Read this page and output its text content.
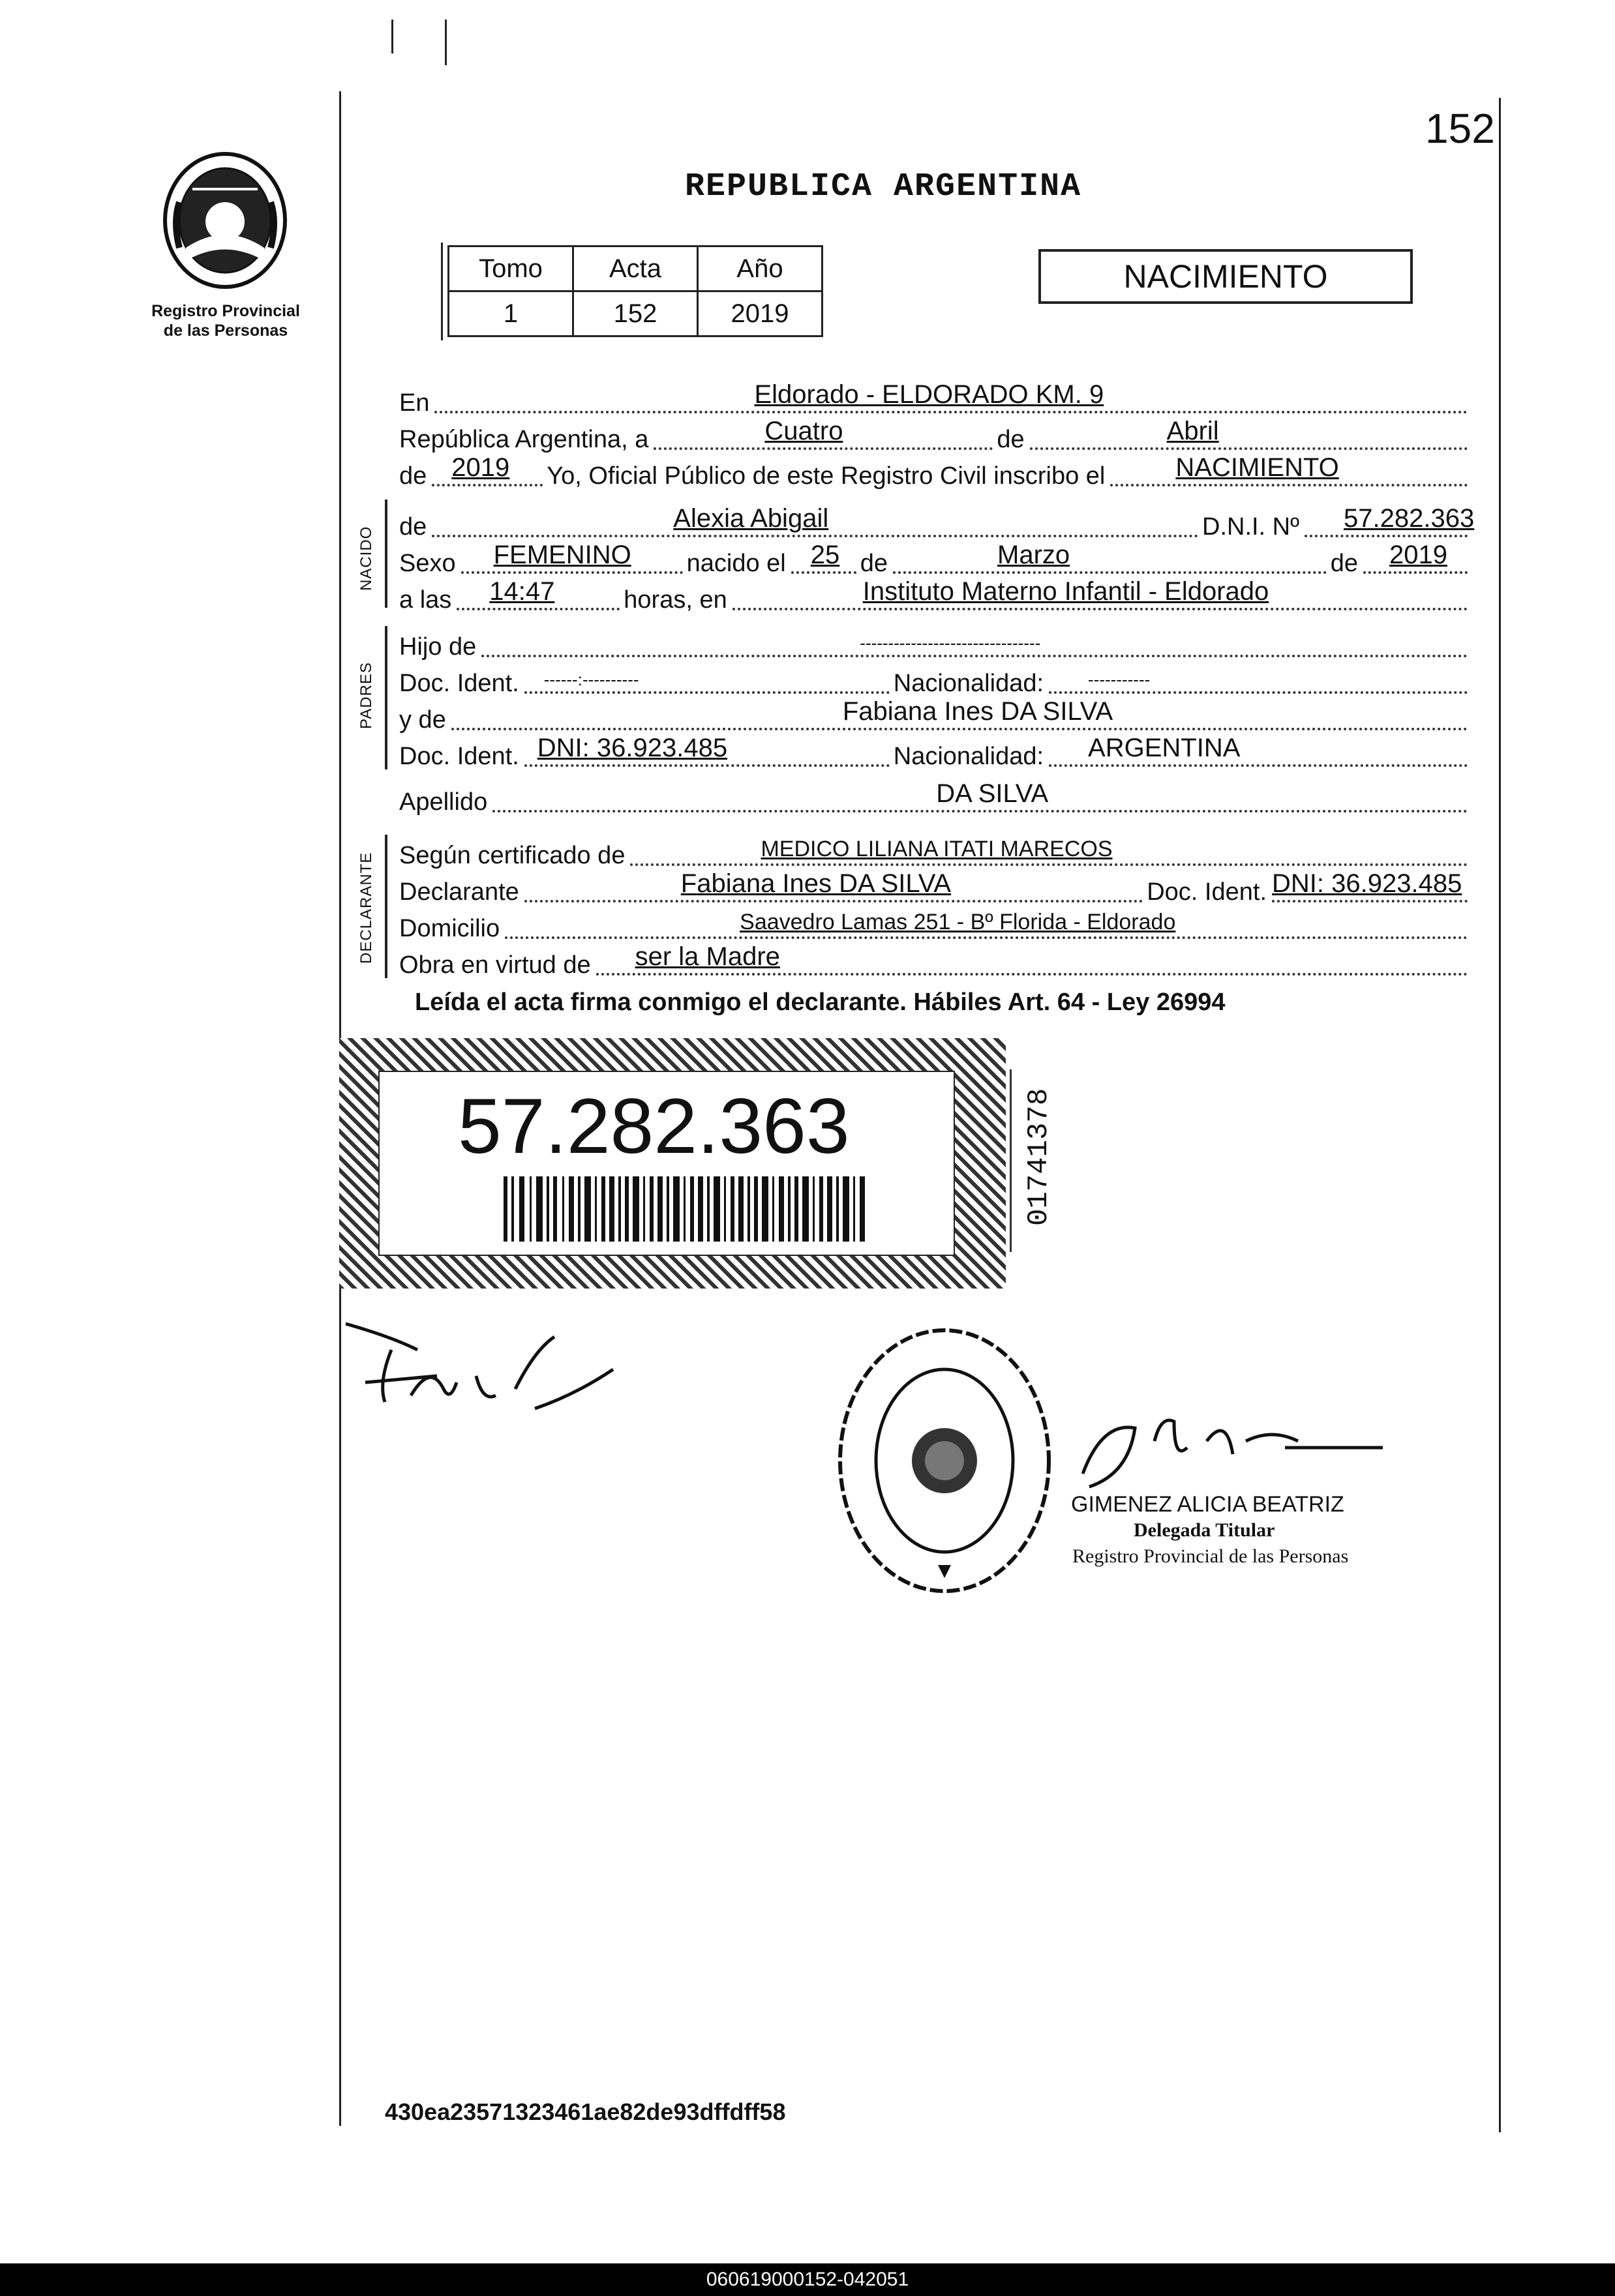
152
Registro Provincial
de las Personas
REPUBLICA ARGENTINA
Tomo	Acta	Año
1	152	2019
NACIMIENTO
En	Eldorado - ELDORADO KM. 9
República Argentina, a	Cuatro	de	Abril
de 2019 Yo, Oficial Público de este Registro Civil inscribo el	NACIMIENTO
NACIDO de	Alexia Abigail	D.N.I. Nº 57.282.363
Sexo FEMENINO nacido el 25 de	Marzo	de 2019
a las 14:47	horas, en	Instituto Materno Infantil - Eldorado
PADRES
Hijo de	--------------------------------
Doc. Ident.	------:----------	Nacionalidad:	-----------
y de	Fabiana Ines DA SILVA
Doc. Ident. DNI: 36.923.485	Nacionalidad: ARGENTINA
Apellido	DA SILVA
DECLARANTE Según certificado de	MEDICO LILIANA ITATI MARECOS
Declarante	Fabiana Ines DA SILVA	Doc. Ident. DNI: 36.923.485
Domicilio	Saavedro Lamas 251 - Bº Florida - Eldorado
Obra en virtud de ser la Madre
Leída el acta firma conmigo el declarante. Hábiles Art. 64 - Ley 26994
57.282.363	01741378
GIMENEZ ALICIA BEATRIZ
Delegada Titular
Registro Provincial de las Personas
430ea23571323461ae82de93dffdff58
060619000152-042051
